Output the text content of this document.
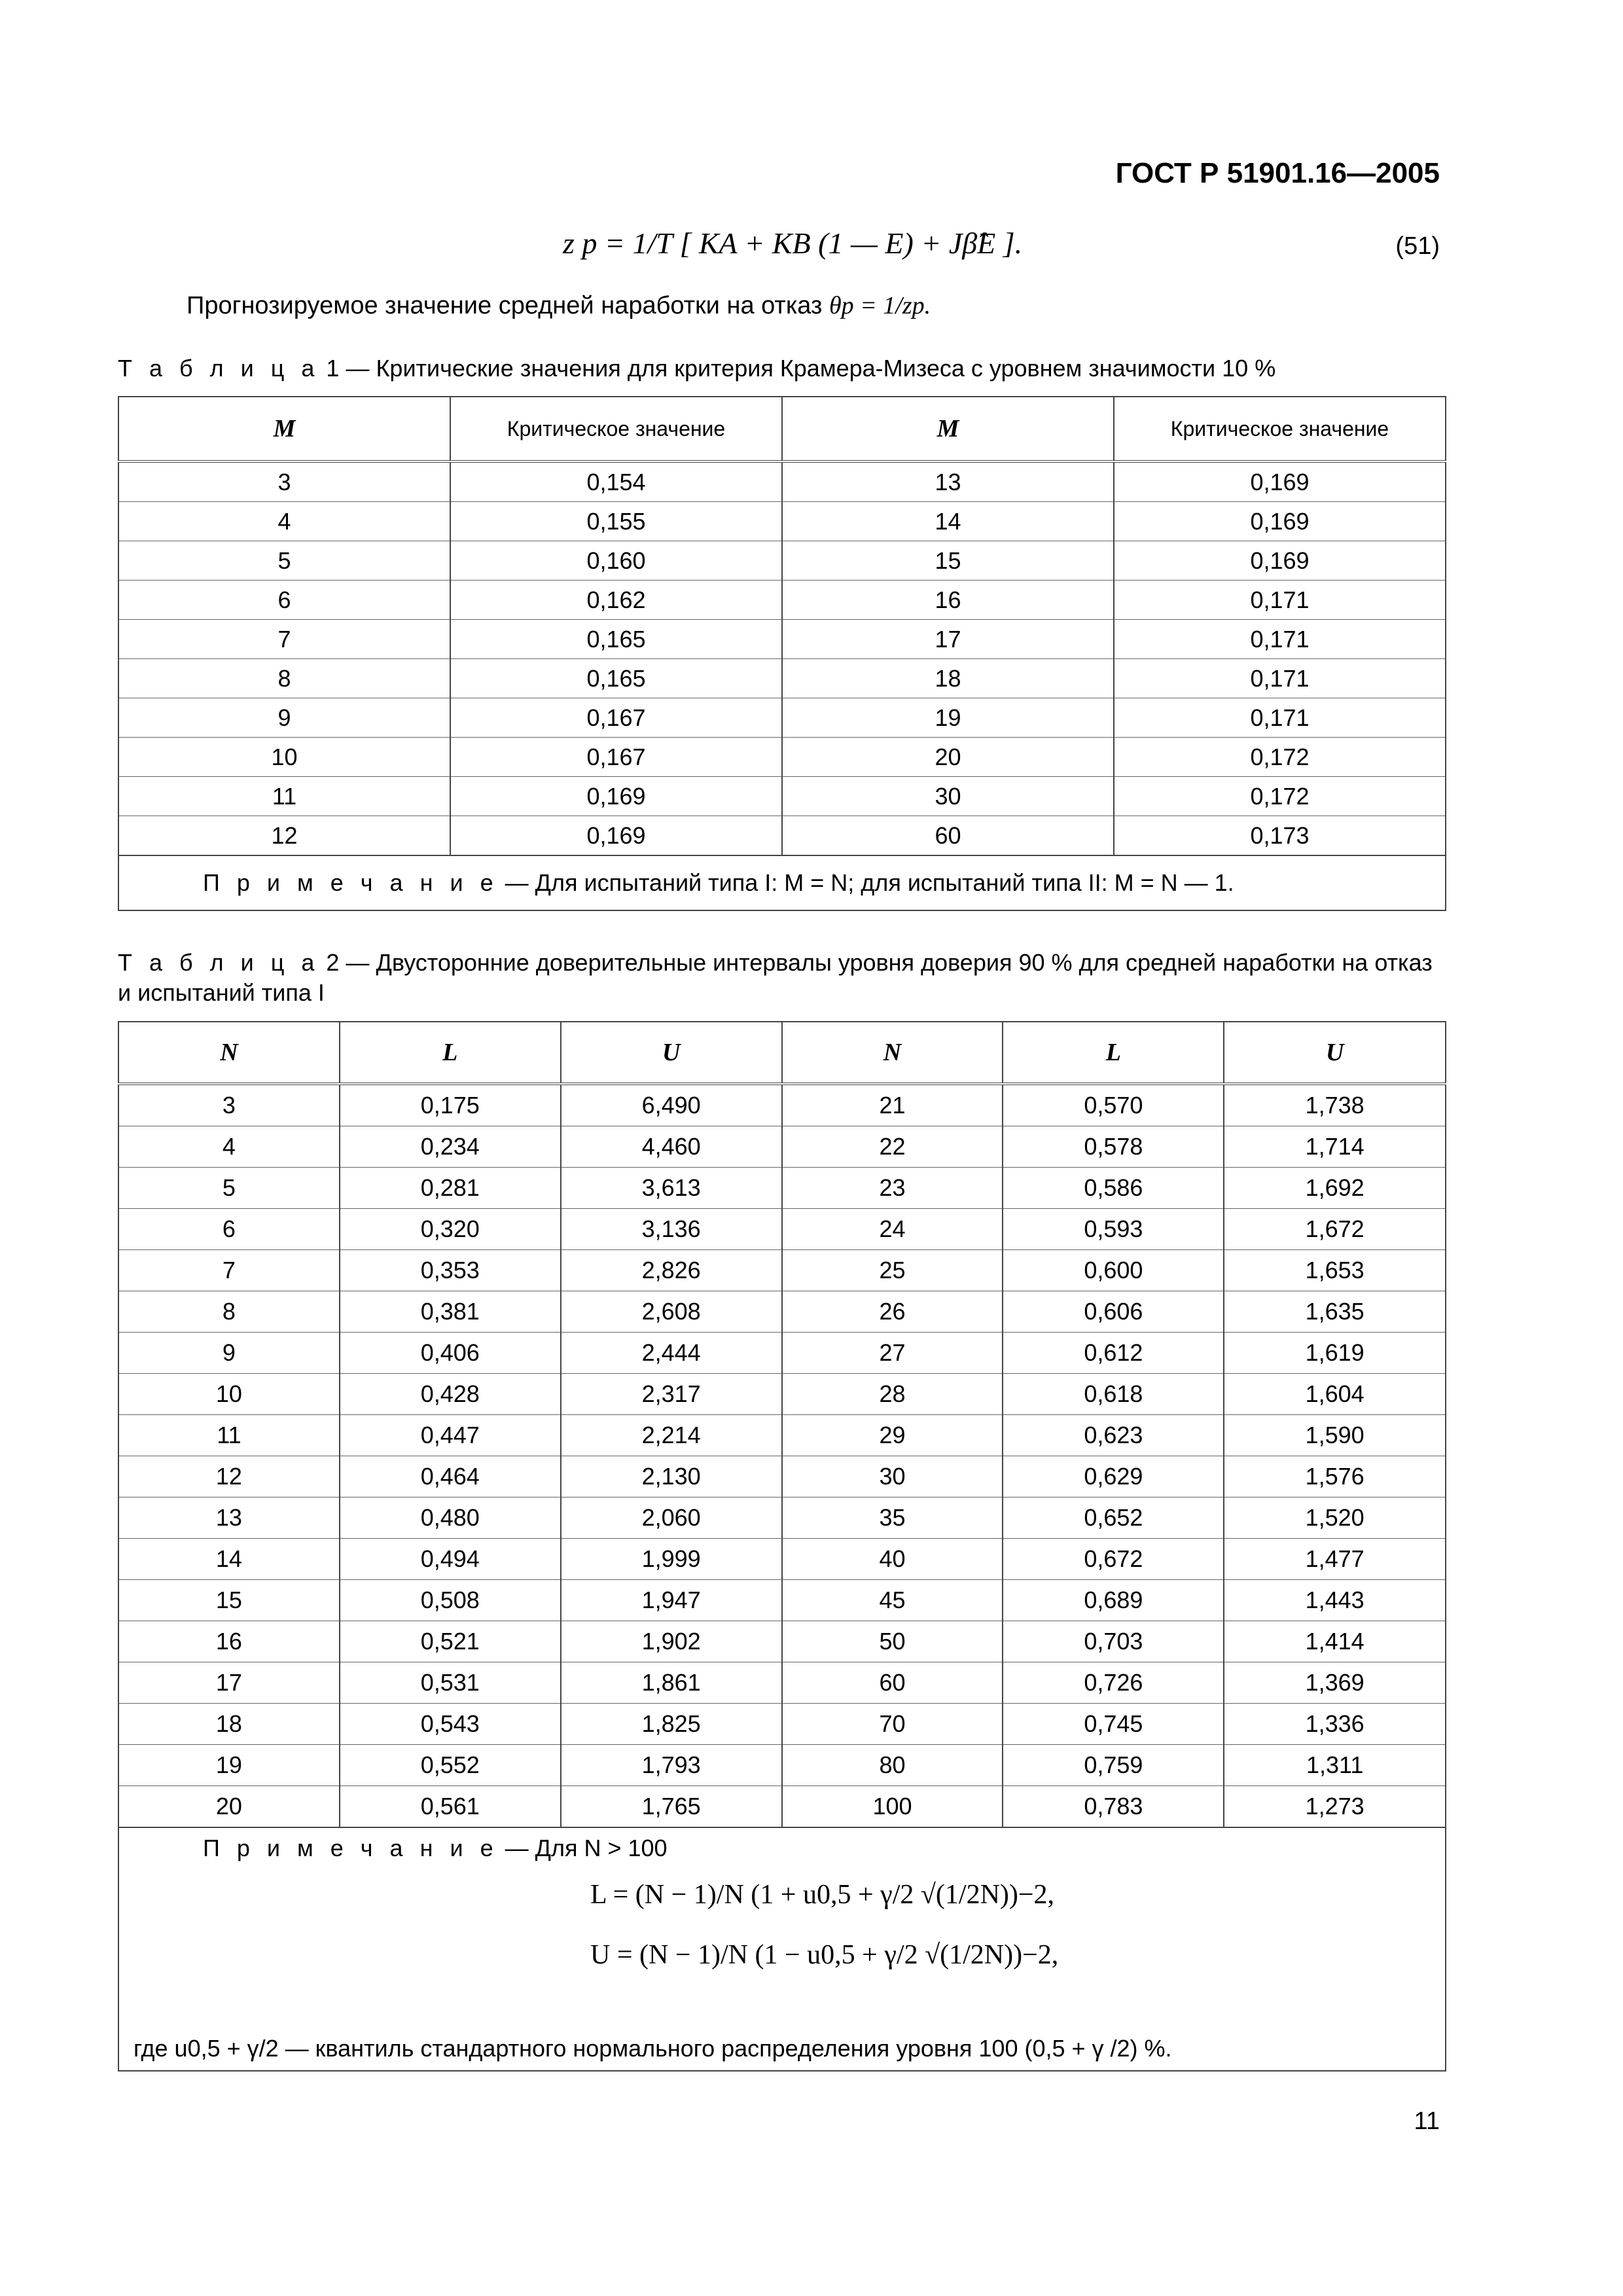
ГОСТ Р 51901.16—2005
z p = 1/T [ KA + KB (1 — E) + Jβ̂E ].	(51)
Прогнозируемое значение средней наработки на отказ θp = 1/zp.
Т а б л и ц а 1 — Критические значения для критерия Крамера-Мизеса с уровнем значимости 10 %
M	Критическое значение	M	Критическое значение
3	0,154	13	0,169
4	0,155	14	0,169
5	0,160	15	0,169
6	0,162	16	0,171
7	0,165	17	0,171
8	0,165	18	0,171
9	0,167	19	0,171
10	0,167	20	0,172
11	0,169	30	0,172
12	0,169	60	0,173
П р и м е ч а н и е — Для испытаний типа I: M = N; для испытаний типа II: M = N — 1.			
Т а б л и ц а 2 — Двусторонние доверительные интервалы уровня доверия 90 % для средней наработки на отказ и испытаний типа I
N	L	U	N	L	U
3	0,175	6,490	21	0,570	1,738
4	0,234	4,460	22	0,578	1,714
5	0,281	3,613	23	0,586	1,692
6	0,320	3,136	24	0,593	1,672
7	0,353	2,826	25	0,600	1,653
8	0,381	2,608	26	0,606	1,635
9	0,406	2,444	27	0,612	1,619
10	0,428	2,317	28	0,618	1,604
11	0,447	2,214	29	0,623	1,590
12	0,464	2,130	30	0,629	1,576
13	0,480	2,060	35	0,652	1,520
14	0,494	1,999	40	0,672	1,477
15	0,508	1,947	45	0,689	1,443
16	0,521	1,902	50	0,703	1,414
17	0,531	1,861	60	0,726	1,369
18	0,543	1,825	70	0,745	1,336
19	0,552	1,793	80	0,759	1,311
20	0,561	1,765	100	0,783	1,273

П р и м е ч а н и е — Для N > 100
L = (N − 1)/N (1 + u0,5 + γ/2 √(1/2N))−2,
U = (N − 1)/N (1 − u0,5 + γ/2 √(1/2N))−2,
где u0,5 + γ/2 — квантиль стандартного нормального распределения уровня 100 (0,5 + γ /2) %.					
11
